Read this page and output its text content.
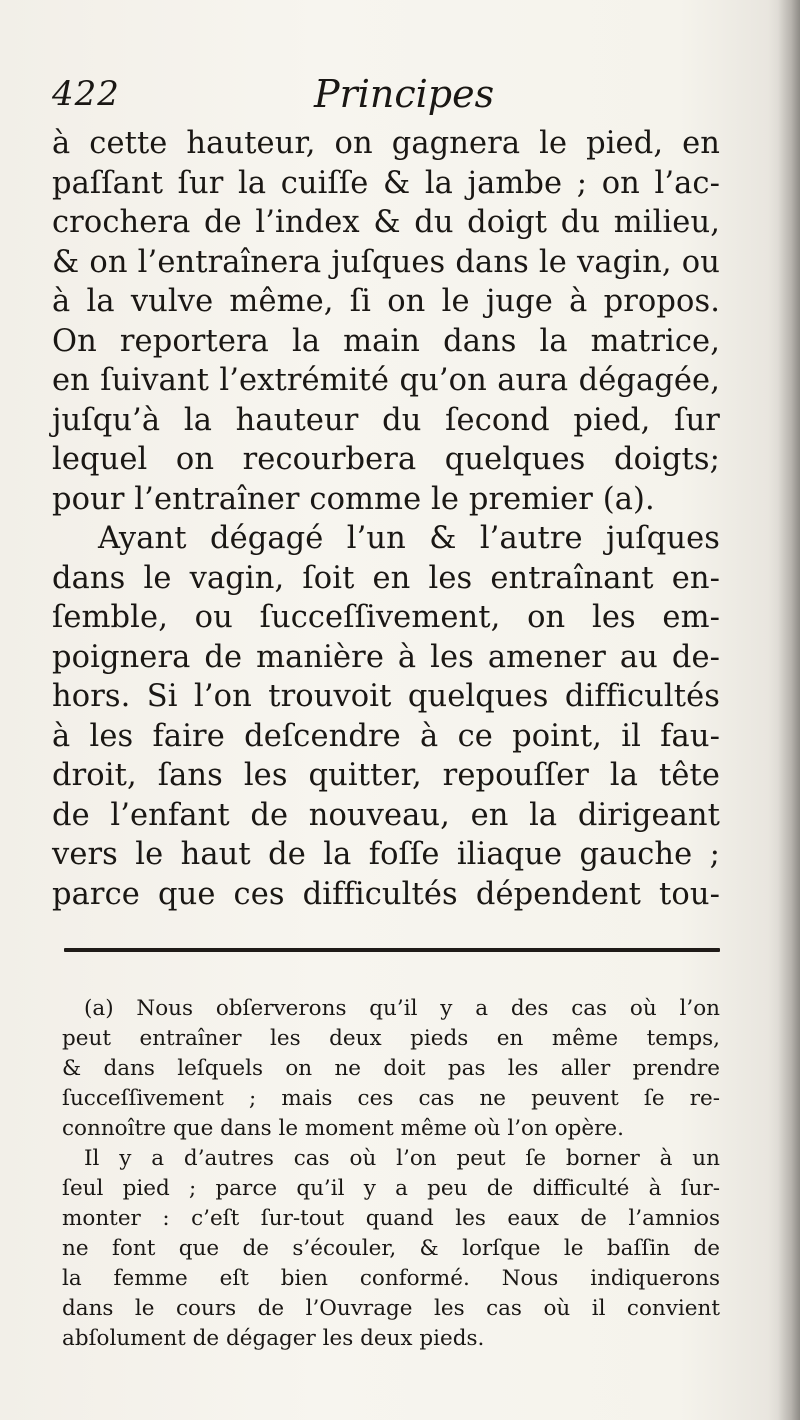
422	Principes
à cette hauteur, on gagnera le pied, en
paſſant ſur la cuiſſe & la jambe ; on l’ac-
crochera de l’index & du doigt du milieu,
& on l’entraînera juſques dans le vagin, ou
à la vulve même, ſi on le juge à propos.
On reportera la main dans la matrice,
en ſuivant l’extrémité qu’on aura dégagée,
juſqu’à la hauteur du ſecond pied, ſur
lequel on recourbera quelques doigts;
pour l’entraîner comme le premier (a).
Ayant dégagé l’un & l’autre juſques
dans le vagin, ſoit en les entraînant en-
ſemble, ou ſucceſſivement, on les em-
poignera de manière à les amener au de-
hors. Si l’on trouvoit quelques difficultés
à les faire deſcendre à ce point, il fau-
droit, ſans les quitter, repouſſer la tête
de l’enfant de nouveau, en la dirigeant
vers le haut de la foſſe iliaque gauche ;
parce que ces difficultés dépendent tou-
(a) Nous obſerverons qu’il y a des cas où l’on
peut entraîner les deux pieds en même temps,
& dans leſquels on ne doit pas les aller prendre
ſucceſſivement ; mais ces cas ne peuvent ſe re-
connoître que dans le moment même où l’on opère.
Il y a d’autres cas où l’on peut ſe borner à un
ſeul pied ; parce qu’il y a peu de difficulté à ſur-
monter : c’eſt ſur-tout quand les eaux de l’amnios
ne font que de s’écouler, & lorſque le baſſin de
la femme eſt bien conformé. Nous indiquerons
dans le cours de l’Ouvrage les cas où il convient
abſolument de dégager les deux pieds.
